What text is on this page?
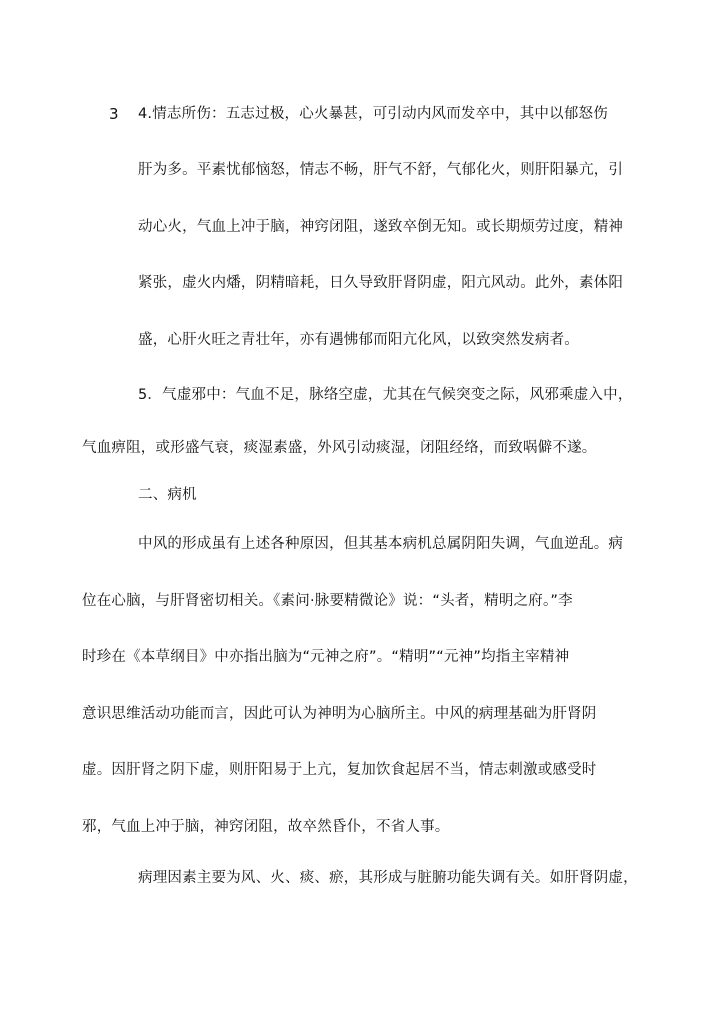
3 4.情志所伤：五志过极，心火暴甚，可引动内风而发卒中，其中以郁怒伤
肝为多。平素忧郁恼怒，情志不畅，肝气不舒，气郁化火，则肝阳暴亢，引
动心火，气血上冲于脑，神窍闭阻，遂致卒倒无知。或长期烦劳过度，精神
紧张，虚火内燔，阴精暗耗，日久导致肝肾阴虚，阳亢风动。此外，素体阳
盛，心肝火旺之青壮年，亦有遇怫郁而阳亢化风，以致突然发病者。
5．气虚邪中：气血不足，脉络空虚，尤其在气候突变之际，风邪乘虚入中，
气血痹阻，或形盛气衰，痰湿素盛，外风引动痰湿，闭阻经络，而致㖞僻不遂。
二、病机
中风的形成虽有上述各种原因，但其基本病机总属阴阳失调，气血逆乱。病
位在心脑，与肝肾密切相关。《素问·脉要精微论》说：“头者，精明之府。”李
时珍在《本草纲目》中亦指出脑为“元神之府”。“精明”“元神”均指主宰精神
意识思维活动功能而言，因此可认为神明为心脑所主。中风的病理基础为肝肾阴
虚。因肝肾之阴下虚，则肝阳易于上亢，复加饮食起居不当，情志刺激或感受时
邪，气血上冲于脑，神窍闭阻，故卒然昏仆，不省人事。
病理因素主要为风、火、痰、瘀，其形成与脏腑功能失调有关。如肝肾阴虚，
